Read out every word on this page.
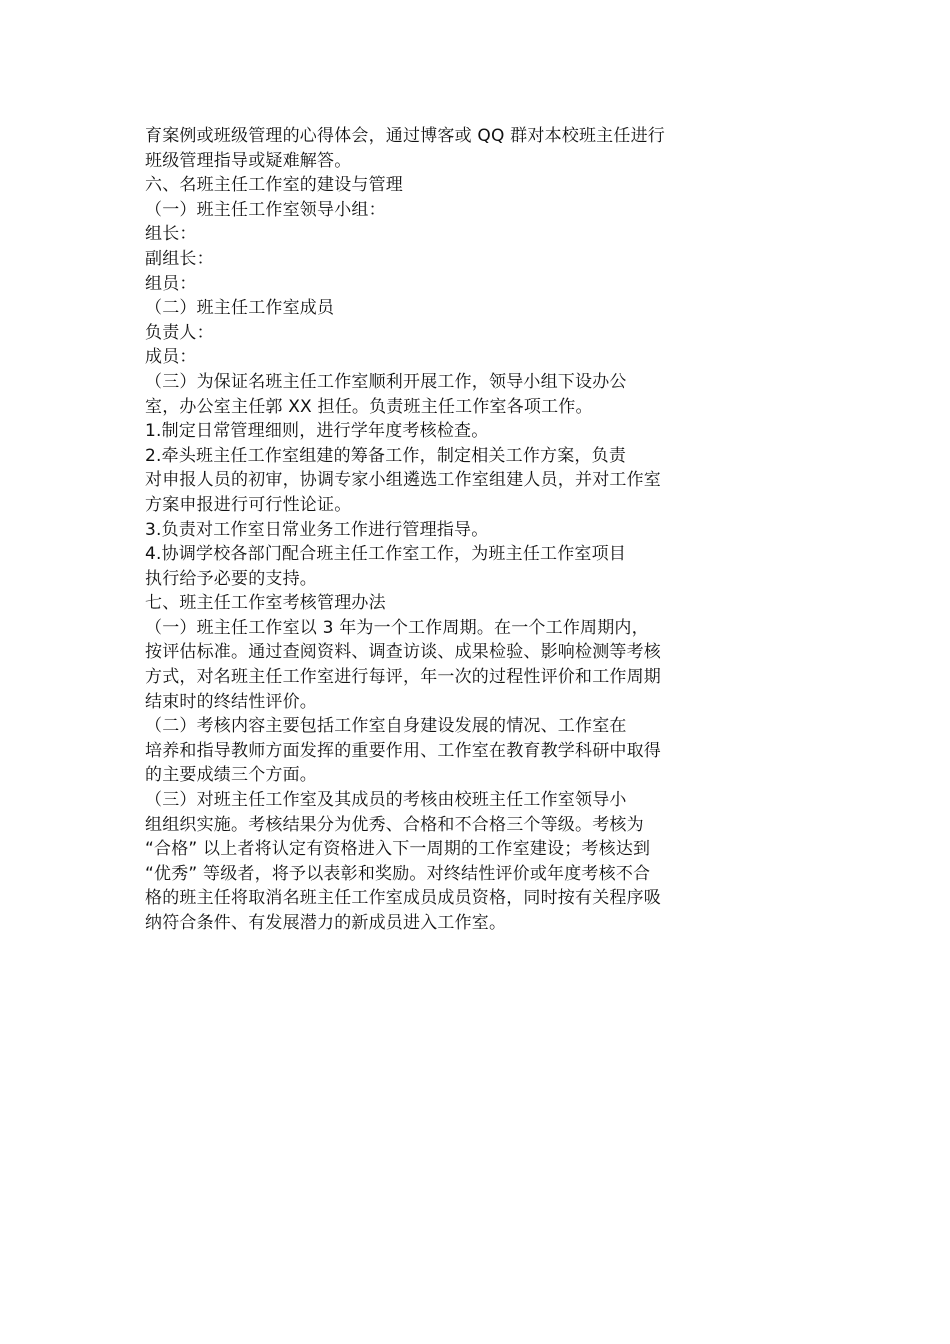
育案例或班级管理的心得体会，通过博客或 QQ 群对本校班主任进行
班级管理指导或疑难解答。
六、名班主任工作室的建设与管理
（一）班主任工作室领导小组：
组长：
副组长：
组员：
（二）班主任工作室成员
负责人：
成员：
（三）为保证名班主任工作室顺利开展工作，领导小组下设办公
室，办公室主任郭 XX 担任。负责班主任工作室各项工作。
1.制定日常管理细则，进行学年度考核检查。
2.牵头班主任工作室组建的筹备工作，制定相关工作方案，负责
对申报人员的初审，协调专家小组遴选工作室组建人员，并对工作室
方案申报进行可行性论证。
3.负责对工作室日常业务工作进行管理指导。
4.协调学校各部门配合班主任工作室工作，为班主任工作室项目
执行给予必要的支持。
七、班主任工作室考核管理办法
（一）班主任工作室以 3 年为一个工作周期。在一个工作周期内，
按评估标准。通过查阅资料、调查访谈、成果检验、影响检测等考核
方式，对名班主任工作室进行每评，年一次的过程性评价和工作周期
结束时的终结性评价。
（二）考核内容主要包括工作室自身建设发展的情况、工作室在
培养和指导教师方面发挥的重要作用、工作室在教育教学科研中取得
的主要成绩三个方面。
（三）对班主任工作室及其成员的考核由校班主任工作室领导小
组组织实施。考核结果分为优秀、合格和不合格三个等级。考核为
“合格” 以上者将认定有资格进入下一周期的工作室建设；考核达到
“优秀” 等级者，将予以表彰和奖励。对终结性评价或年度考核不合
格的班主任将取消名班主任工作室成员成员资格，同时按有关程序吸
纳符合条件、有发展潜力的新成员进入工作室。
